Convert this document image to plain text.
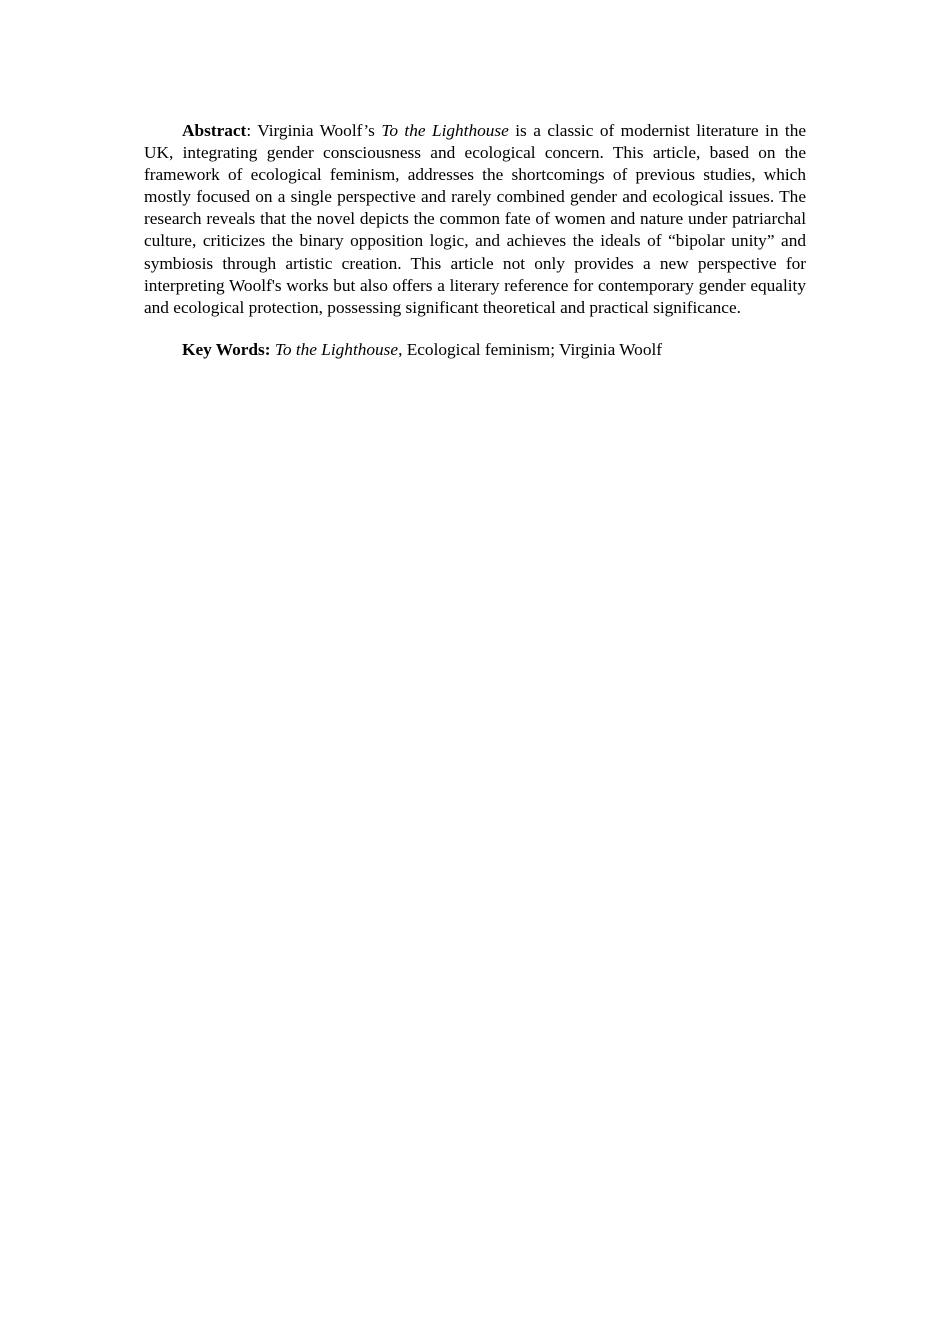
Abstract: Virginia Woolf’s To the Lighthouse is a classic of modernist literature in the UK, integrating gender consciousness and ecological concern. This article, based on the framework of ecological feminism, addresses the shortcomings of previous studies, which mostly focused on a single perspective and rarely combined gender and ecological issues. The research reveals that the novel depicts the common fate of women and nature under patriarchal culture, criticizes the binary opposition logic, and achieves the ideals of “bipolar unity” and symbiosis through artistic creation. This article not only provides a new perspective for interpreting Woolf's works but also offers a literary reference for contemporary gender equality and ecological protection, possessing significant theoretical and practical significance.

Key Words: To the Lighthouse, Ecological feminism; Virginia Woolf
